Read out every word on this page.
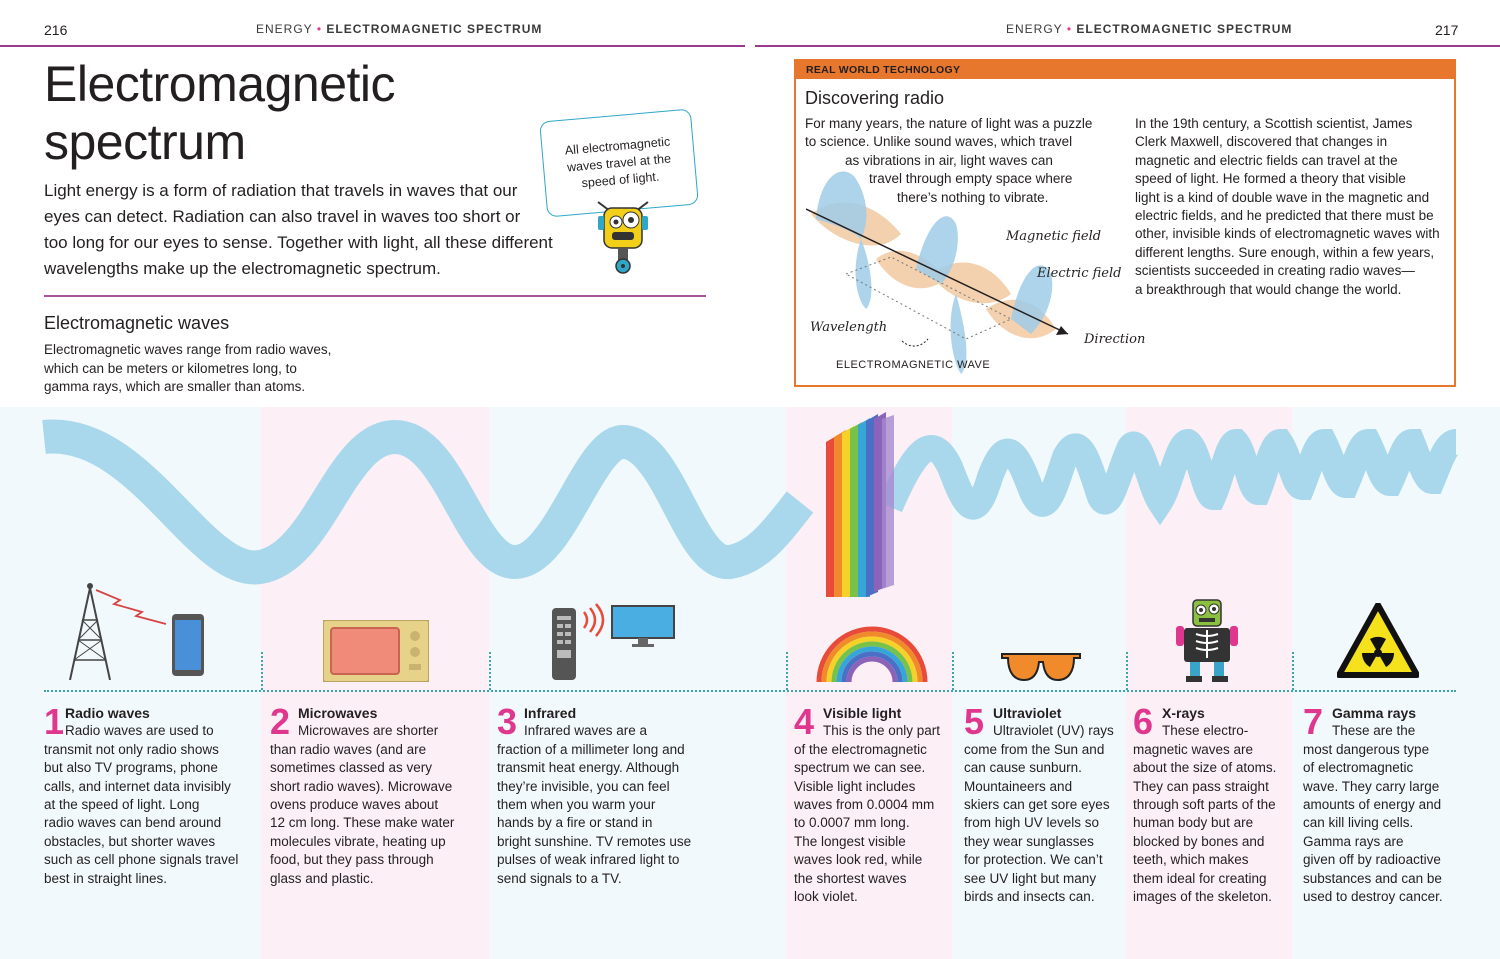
216	ENERGY • ELECTROMAGNETIC SPECTRUM	ENERGY • ELECTROMAGNETIC SPECTRUM	217
Electromagnetic
spectrum
Light energy is a form of radiation that travels in waves that our
eyes can detect. Radiation can also travel in waves too short or
too long for our eyes to sense. Together with light, all these different
wavelengths make up the electromagnetic spectrum.
All electromagnetic waves travel at the speed of light.
Electromagnetic waves
Electromagnetic waves range from radio waves,
which can be meters or kilometres long, to
gamma rays, which are smaller than atoms.
REAL WORLD TECHNOLOGY
Discovering radio
For many years, the nature of light was a puzzle
to science. Unlike sound waves, which travel
as vibrations in air, light waves can
travel through empty space where
there’s nothing to vibrate.
In the 19th century, a Scottish scientist, James
Clerk Maxwell, discovered that changes in
magnetic and electric fields can travel at the
speed of light. He formed a theory that visible
light is a kind of double wave in the magnetic and
electric fields, and he predicted that there must be
other, invisible kinds of electromagnetic waves with
different lengths. Sure enough, within a few years,
scientists succeeded in creating radio waves—
a breakthrough that would change the world.
Magnetic field
Electric field
Wavelength
Direction
ELECTROMAGNETIC WAVE
1 Radio waves
Radio waves are used to
transmit not only radio shows
but also TV programs, phone
calls, and internet data invisibly
at the speed of light. Long
radio waves can bend around
obstacles, but shorter waves
such as cell phone signals travel
best in straight lines.
2 Microwaves
Microwaves are shorter
than radio waves (and are
sometimes classed as very
short radio waves). Microwave
ovens produce waves about
12 cm long. These make water
molecules vibrate, heating up
food, but they pass through
glass and plastic.
3 Infrared
Infrared waves are a
fraction of a millimeter long and
transmit heat energy. Although
they’re invisible, you can feel
them when you warm your
hands by a fire or stand in
bright sunshine. TV remotes use
pulses of weak infrared light to
send signals to a TV.
4 Visible light
This is the only part
of the electromagnetic
spectrum we can see.
Visible light includes
waves from 0.0004 mm
to 0.0007 mm long.
The longest visible
waves look red, while
the shortest waves
look violet.
5 Ultraviolet
Ultraviolet (UV) rays
come from the Sun and
can cause sunburn.
Mountaineers and
skiers can get sore eyes
from high UV levels so
they wear sunglasses
for protection. We can’t
see UV light but many
birds and insects can.
6 X-rays
These electro-
magnetic waves are
about the size of atoms.
They can pass straight
through soft parts of the
human body but are
blocked by bones and
teeth, which makes
them ideal for creating
images of the skeleton.
7 Gamma rays
These are the
most dangerous type
of electromagnetic
wave. They carry large
amounts of energy and
can kill living cells.
Gamma rays are
given off by radioactive
substances and can be
used to destroy cancer.
